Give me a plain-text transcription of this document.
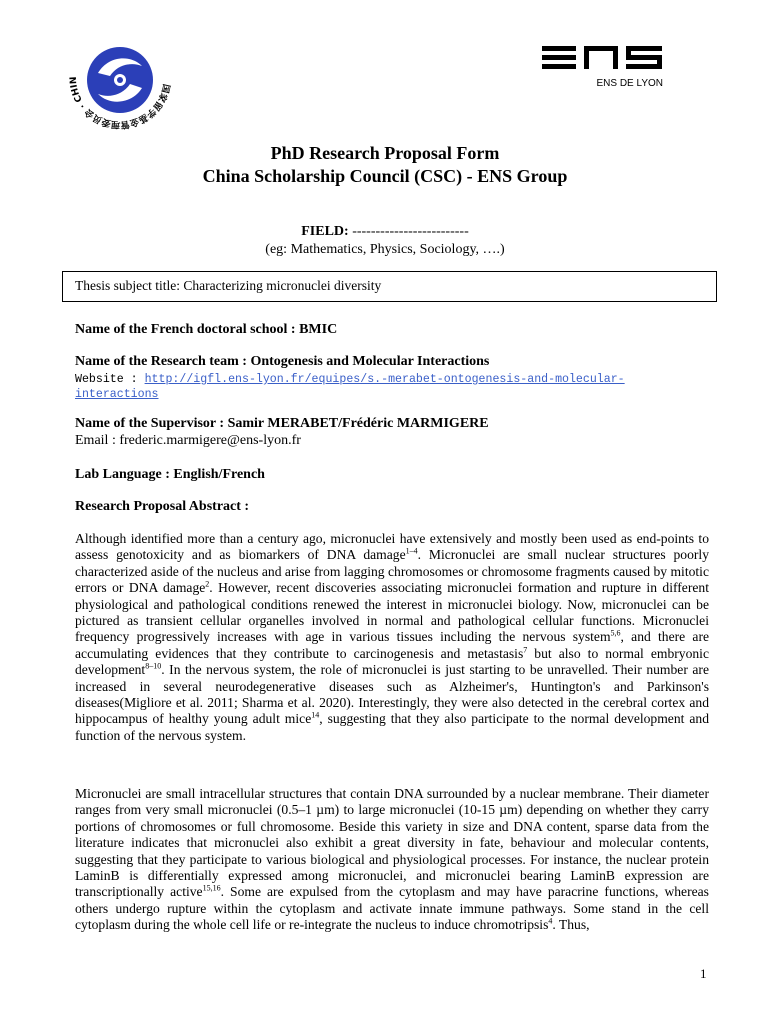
国家留学基金管理委员会 · CHIN	ENS DE LYON
PhD Research Proposal Form
China Scholarship Council (CSC) - ENS Group
FIELD: -------------------------
(eg: Mathematics, Physics, Sociology, ….)
Thesis subject title: Characterizing micronuclei diversity
Name of the French doctoral school : BMIC
Name of the Research team : Ontogenesis and Molecular Interactions
Website : http://igfl.ens-lyon.fr/equipes/s.-merabet-ontogenesis-and-molecular-
interactions
Name of the Supervisor : Samir MERABET/Frédéric MARMIGERE
Email : frederic.marmigere@ens-lyon.fr
Lab Language : English/French
Research Proposal Abstract :

Although identified more than a century ago, micronuclei have extensively and mostly been used as end-points to assess genotoxicity and as biomarkers of DNA damage$^{1-4}$. Micronuclei are small nuclear structures poorly characterized aside of the nucleus and arise from lagging chromosomes or chromosome fragments caused by mitotic errors or DNA damage$^2$. However, recent discoveries associating micronuclei formation and rupture in different physiological and pathological conditions renewed the interest in micronuclei biology. Now, micronuclei can be pictured as transient cellular organelles involved in normal and pathological cellular functions. Micronuclei frequency progressively increases with age in various tissues including the nervous system$^{5,6}$, and there are accumulating evidences that they contribute to carcinogenesis and metastasis$^7$ but also to normal embryonic development$^{8-10}$. In the nervous system, the role of micronuclei is just starting to be unravelled. Their number are increased in several neurodegenerative diseases such as Alzheimer's, Huntington's and Parkinson's diseases(Migliore et al. 2011; Sharma et al. 2020). Interestingly, they were also detected in the cerebral cortex and hippocampus of healthy young adult mice$^{14}$, suggesting that they also participate to the normal development and function of the nervous system.

Micronuclei are small intracellular structures that contain DNA surrounded by a nuclear membrane. Their diameter ranges from very small micronuclei (0.5–1 µm) to large micronuclei (10-15 µm) depending on whether they carry portions of chromosomes or full chromosome. Beside this variety in size and DNA content, sparse data from the literature indicates that micronuclei also exhibit a great diversity in fate, behaviour and molecular contents, suggesting that they participate to various biological and physiological processes. For instance, the nuclear protein LaminB is differentially expressed among micronuclei, and micronuclei bearing LaminB expression are transcriptionally active$^{15,16}$. Some are expulsed from the cytoplasm and may have paracrine functions, whereas others undergo rupture within the cytoplasm and activate innate immune pathways. Some stand in the cell cytoplasm during the whole cell life or re-integrate the nucleus to induce chromotripsis$^4$. Thus,

1
